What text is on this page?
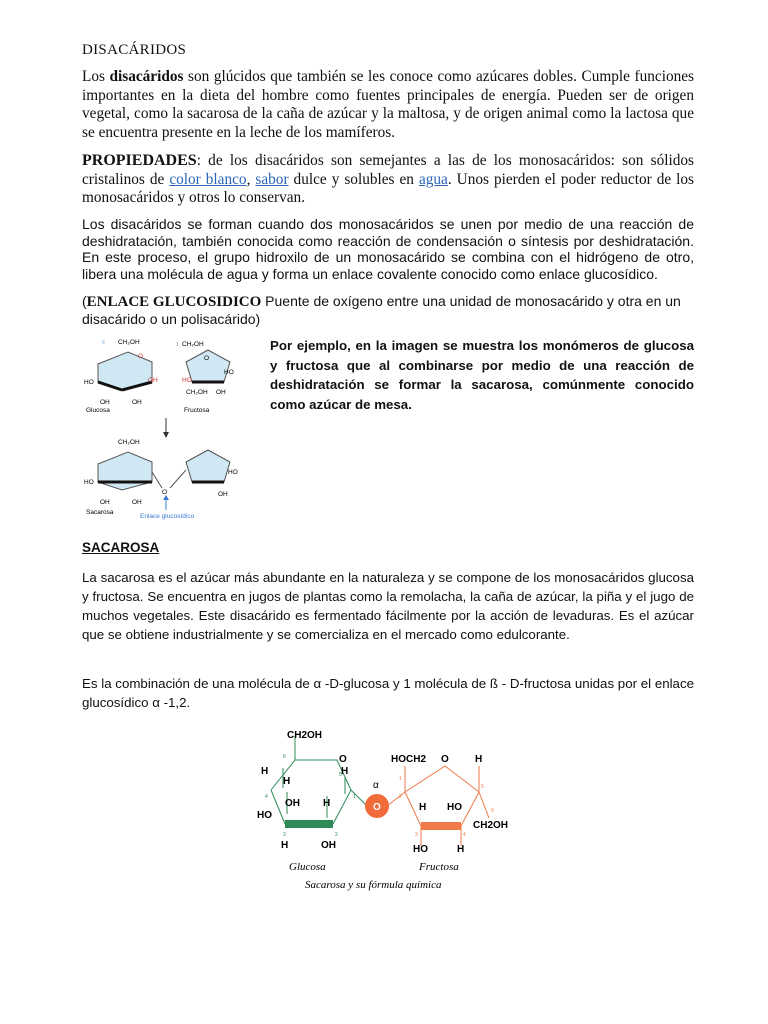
DISACÁRIDOS

Los disacáridos son glúcidos que también se les conoce como azúcares dobles. Cumple funciones importantes en la dieta del hombre como fuentes principales de energía. Pueden ser de origen vegetal, como la sacarosa de la caña de azúcar y la maltosa, y de origen animal como la lactosa que se encuentra presente en la leche de los mamíferos.

PROPIEDADES: de los disacáridos son semejantes a las de los monosacáridos: son sólidos cristalinos de color blanco, sabor dulce y solubles en agua. Unos pierden el poder reductor de los monosacáridos y otros lo conservan.

Los disacáridos se forman cuando dos monosacáridos se unen por medio de una reacción de deshidratación, también conocida como reacción de condensación o síntesis por deshidratación. En este proceso, el grupo hidroxilo de un monosacárido se combina con el hidrógeno de otro, libera una molécula de agua y forma un enlace covalente conocido como enlace glucosídico.

(ENLACE GLUCOSIDICO Puente de oxígeno entre una unidad de monosacárido y otra en un disacárido o un polisacárido)

CH₂OH
6
O
OH
HO
OH	OH
Glucosa
CH₂OH
1
O
HO
HO
OH
CH₂OH
Fructosa
O
CH₂OH
HO
OH	OH
HO
OH
Sacarosa
Enlace glucosídico

Por ejemplo, en la imagen se muestra los monómeros de glucosa y fructosa que al combinarse por medio de una reacción de deshidratación se formar la sacarosa, comúnmente conocido como azúcar de mesa.

SACAROSA

La sacarosa es el azúcar más abundante en la naturaleza y se compone de los monosacáridos glucosa y fructosa. Se encuentra en jugos de plantas como la remolacha, la caña de azúcar, la piña y el jugo de muchos vegetales. Este disacárido es fermentado fácilmente por la acción de levaduras. Es el azúcar que se obtiene industrialmente y se comercializa en el mercado como edulcorante.

Es la combinación de una molécula de α -D-glucosa y 1 molécula de ß - D-fructosa unidas por el enlace glucosídico α -1,2.

CH2OH
O
H
H
H
OH H
HO
H	OH
O
α
HOCH2 O	H
H HO
CH2OH
HO	H
6
5
4
3	2
1
1
2
3	4
5
6
Glucosa	Fructosa
Sacarosa y su fórmula química
